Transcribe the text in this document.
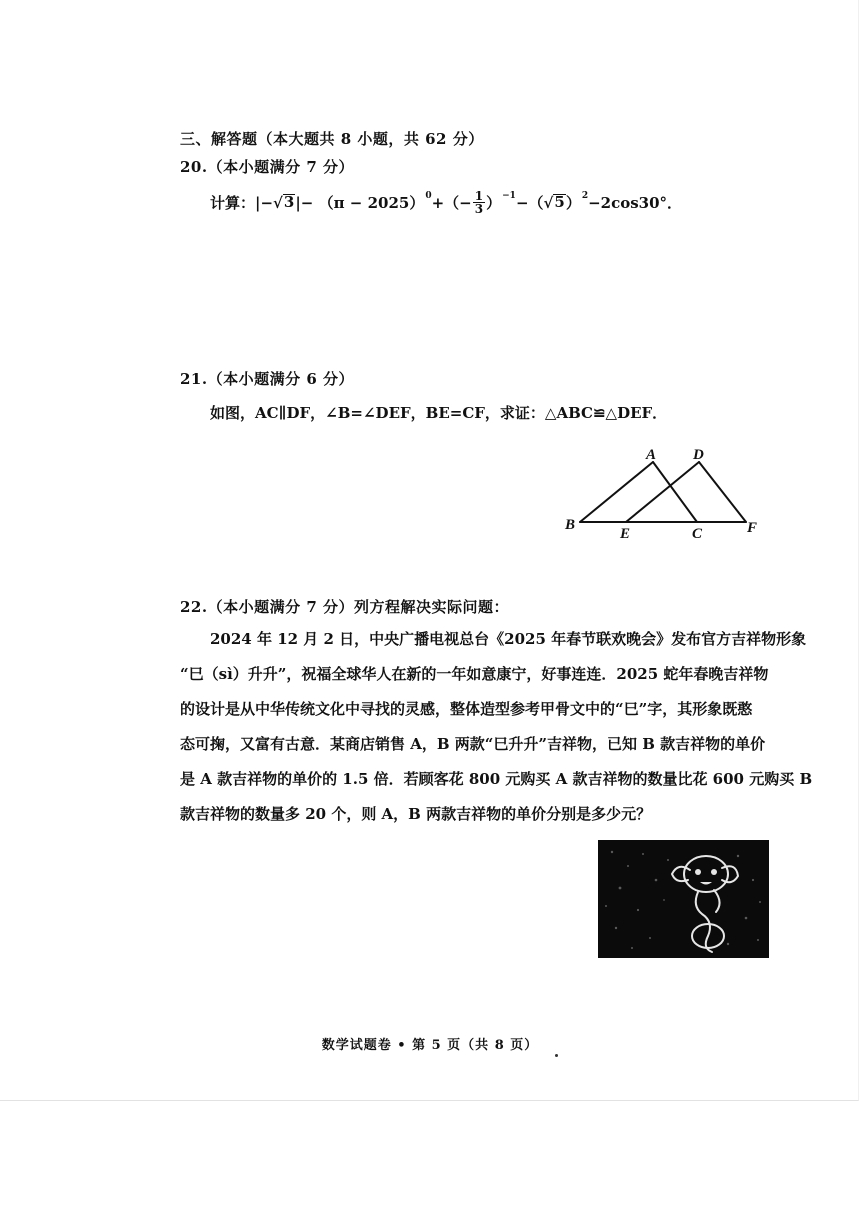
三、解答题（本大题共 8 小题，共 62 分）
20.（本小题满分 7 分）
计算： |− √ 3 |− （π − 2025） 0 +（− $\frac{1}{3}$ ） −1 −（ √ 5 ） 2 −2cos30°．
21.（本小题满分 6 分）
如图，AC∥DF，∠B=∠DEF，BE=CF，求证：△ABC≌△DEF．
A D
B
E	C	F
22.（本小题满分 7 分）列方程解决实际问题：
　　2024 年 12 月 2 日，中央广播电视总台《2025 年春节联欢晚会》发布官方吉祥物形象
“巳（sì）升升”，祝福全球华人在新的一年如意康宁，好事连连．2025 蛇年春晚吉祥物
的设计是从中华传统文化中寻找的灵感，整体造型参考甲骨文中的“巳”字，其形象既憨
态可掬，又富有古意．某商店销售 A，B 两款“巳升升”吉祥物，已知 B 款吉祥物的单价
是 A 款吉祥物的单价的 1.5 倍．若顾客花 800 元购买 A 款吉祥物的数量比花 600 元购买 B
款吉祥物的数量多 20 个，则 A，B 两款吉祥物的单价分别是多少元？
数学试题卷 • 第 5 页（共 8 页）
